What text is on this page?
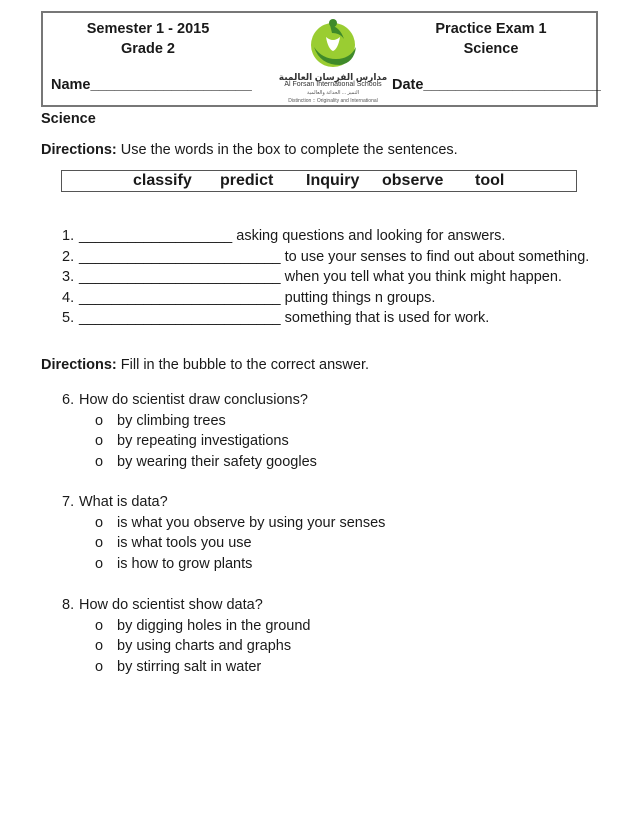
Semester 1 - 2015
Grade 2
مدارس الفرسان العالمية
Al Forsan International Schools
التميز ... الحداثة والعالمية
Distinction :: Originality and International
Practice Exam 1
Science
Name____________________	Date______________________
Science
Directions: Use the words in the box to complete the sentences.
classify predict Inquiry observe tool
1. ___________________ asking questions and looking for answers.
2. _________________________ to use your senses to find out about something.
3. _________________________ when you tell what you think might happen.
4. _________________________ putting things n groups.
5. _________________________ something that is used for work.
Directions: Fill in the bubble to the correct answer.
6. How do scientist draw conclusions?
o by climbing trees
o by repeating investigations
o by wearing their safety googles
7. What is data?
o is what you observe by using your senses
o is what tools you use
o is how to grow plants
8. How do scientist show data?
o by digging holes in the ground
o by using charts and graphs
o by stirring salt in water
